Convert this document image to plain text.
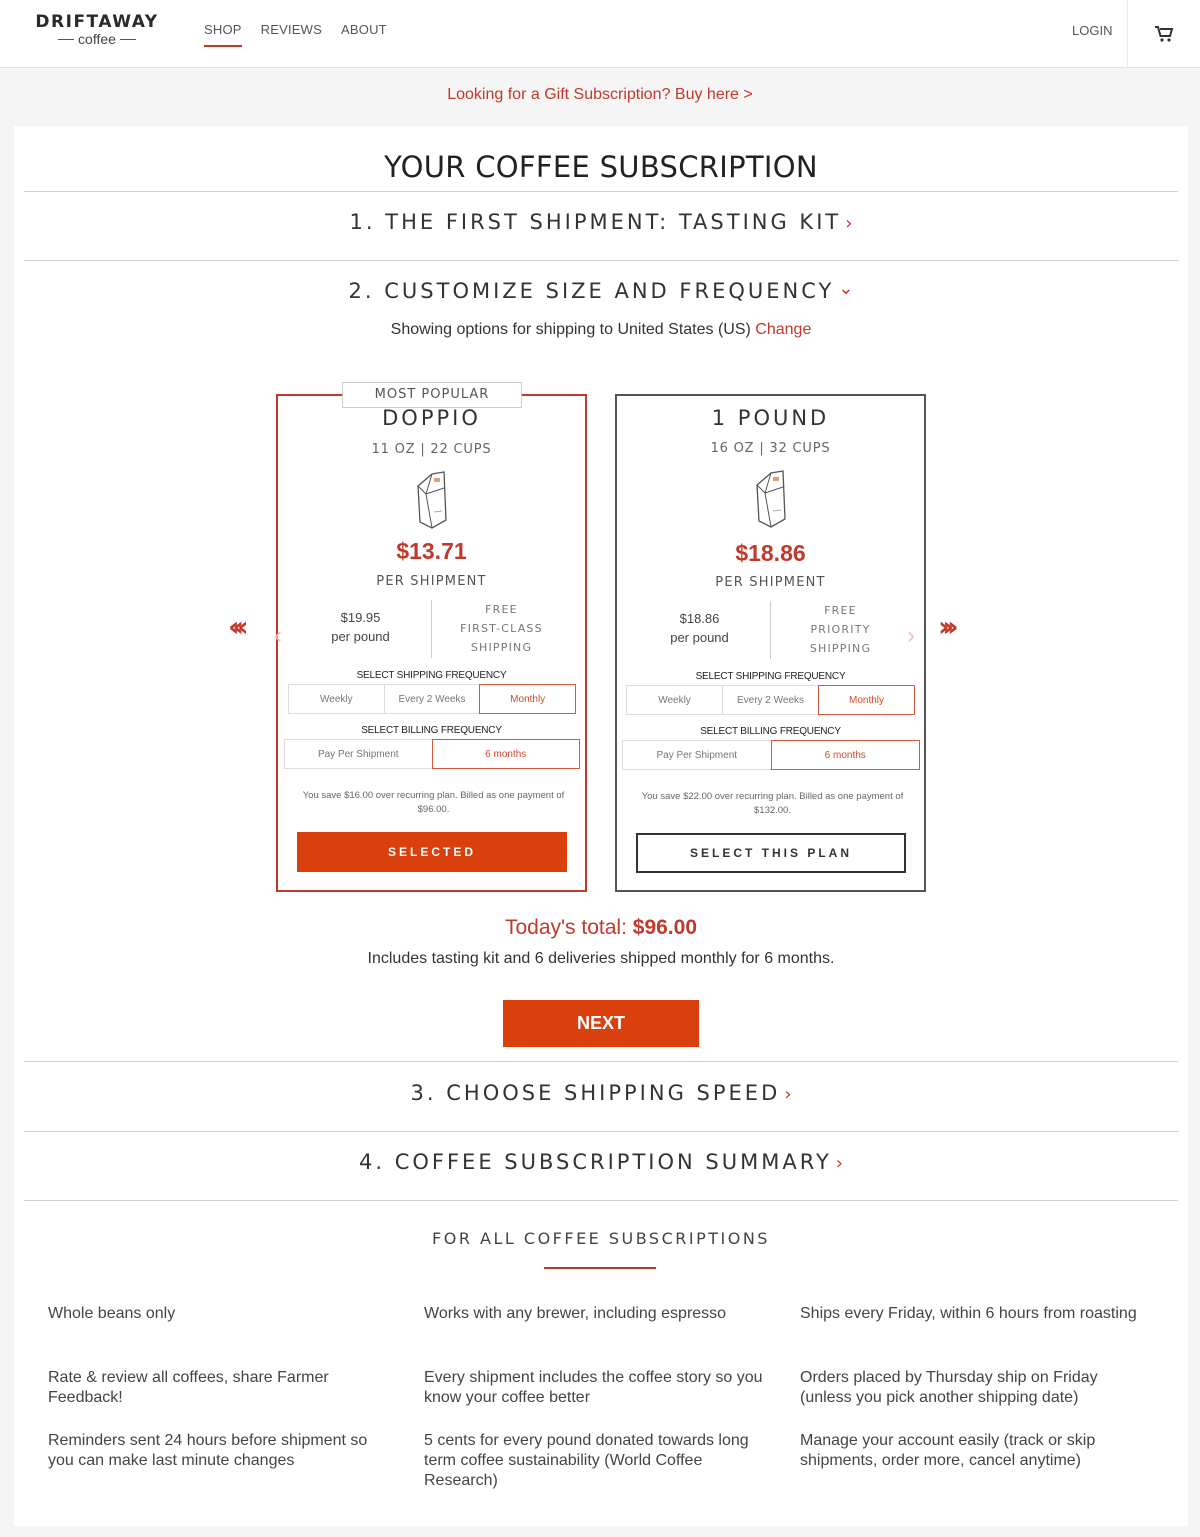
DRIFTAWAY
coffee
SHOP REVIEWS ABOUT	LOGIN
Looking for a Gift Subscription? Buy here >
YOUR COFFEE SUBSCRIPTION
1. THE FIRST SHIPMENT: TASTING KIT ›
2. CUSTOMIZE SIZE AND FREQUENCY ⌄
Showing options for shipping to United States (US) Change
‹‹‹	›››
MOST POPULAR
DOPPIO
11 OZ | 22 CUPS
$13.71
PER SHIPMENT
‹
$19.95
per pound
FREE
FIRST-CLASS
SHIPPING
SELECT SHIPPING FREQUENCY
Weekly	Every 2 Weeks	Monthly
SELECT BILLING FREQUENCY
Pay Per Shipment	6 months
You save $16.00 over recurring plan. Billed as one payment of $96.00.
SELECTED
1 POUND
16 OZ | 32 CUPS
$18.86
PER SHIPMENT
›
$18.86
per pound
FREE
PRIORITY
SHIPPING
SELECT SHIPPING FREQUENCY
Weekly	Every 2 Weeks	Monthly
SELECT BILLING FREQUENCY
Pay Per Shipment	6 months
You save $22.00 over recurring plan. Billed as one payment of $132.00.
SELECT THIS PLAN
Today's total: $96.00
Includes tasting kit and 6 deliveries shipped monthly for 6 months.
NEXT
3. CHOOSE SHIPPING SPEED ›
4. COFFEE SUBSCRIPTION SUMMARY ›
FOR ALL COFFEE SUBSCRIPTIONS
Whole beans only	Works with any brewer, including espresso	Ships every Friday, within 6 hours from roasting
Rate & review all coffees, share Farmer Feedback!
Every shipment includes the coffee story so you know your coffee better
Orders placed by Thursday ship on Friday (unless you pick another shipping date)
Reminders sent 24 hours before shipment so you can make last minute changes
5 cents for every pound donated towards long term coffee sustainability (World Coffee Research)
Manage your account easily (track or skip shipments, order more, cancel anytime)
